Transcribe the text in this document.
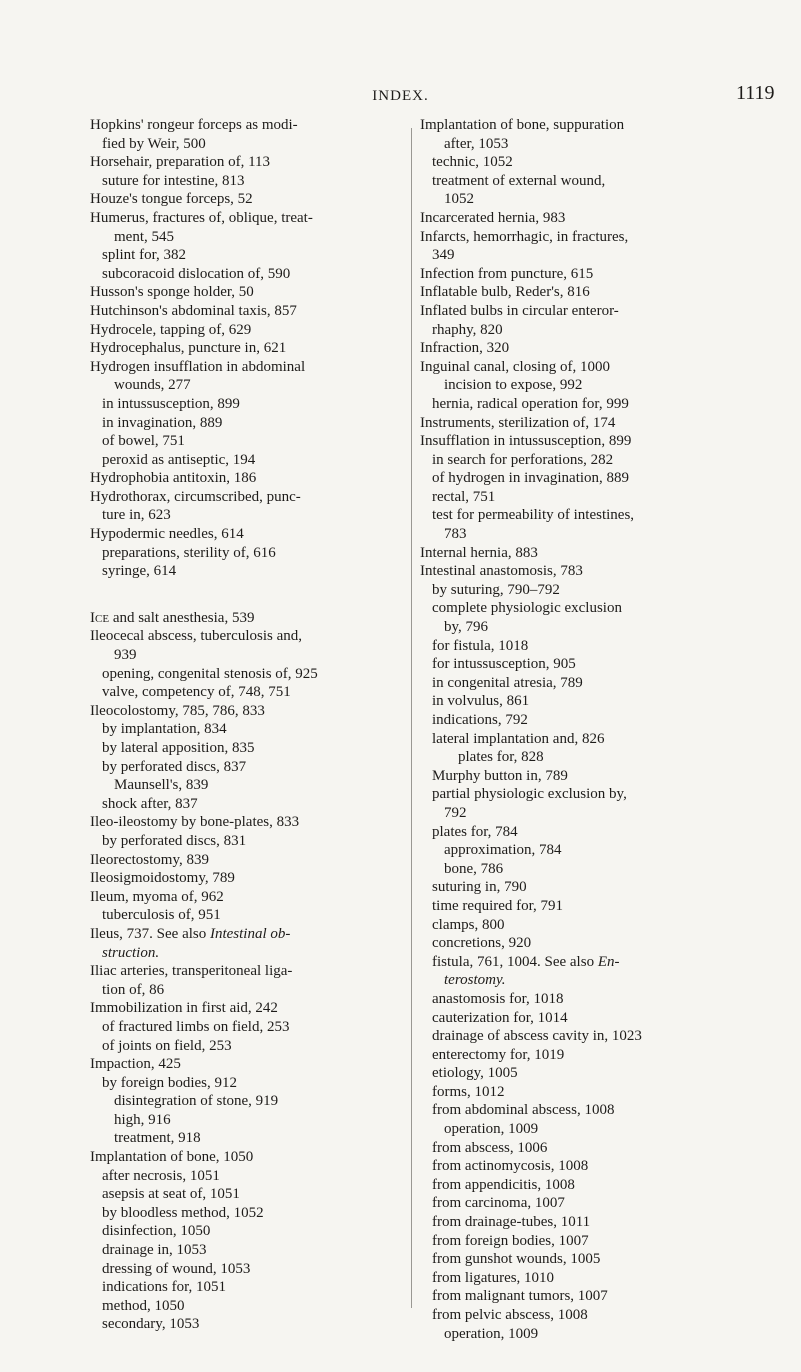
INDEX.	1119
Hopkins' rongeur forceps as modi-
fied by Weir, 500
Horsehair, preparation of, 113
suture for intestine, 813
Houze's tongue forceps, 52
Humerus, fractures of, oblique, treat-
ment, 545
splint for, 382
subcoracoid dislocation of, 590
Husson's sponge holder, 50
Hutchinson's abdominal taxis, 857
Hydrocele, tapping of, 629
Hydrocephalus, puncture in, 621
Hydrogen insufflation in abdominal
wounds, 277
in intussusception, 899
in invagination, 889
of bowel, 751
peroxid as antiseptic, 194
Hydrophobia antitoxin, 186
Hydrothorax, circumscribed, punc-
ture in, 623
Hypodermic needles, 614
preparations, sterility of, 616
syringe, 614
Ice and salt anesthesia, 539
Ileocecal abscess, tuberculosis and,
939
opening, congenital stenosis of, 925
valve, competency of, 748, 751
Ileocolostomy, 785, 786, 833
by implantation, 834
by lateral apposition, 835
by perforated discs, 837
Maunsell's, 839
shock after, 837
Ileo-ileostomy by bone-plates, 833
by perforated discs, 831
Ileorectostomy, 839
Ileosigmoidostomy, 789
Ileum, myoma of, 962
tuberculosis of, 951
Ileus, 737. See also Intestinal ob-
struction.
Iliac arteries, transperitoneal liga-
tion of, 86
Immobilization in first aid, 242
of fractured limbs on field, 253
of joints on field, 253
Impaction, 425
by foreign bodies, 912
disintegration of stone, 919
high, 916
treatment, 918
Implantation of bone, 1050
after necrosis, 1051
asepsis at seat of, 1051
by bloodless method, 1052
disinfection, 1050
drainage in, 1053
dressing of wound, 1053
indications for, 1051
method, 1050
secondary, 1053
Implantation of bone, suppuration
after, 1053
technic, 1052
treatment of external wound,
1052
Incarcerated hernia, 983
Infarcts, hemorrhagic, in fractures,
349
Infection from puncture, 615
Inflatable bulb, Reder's, 816
Inflated bulbs in circular enteror-
rhaphy, 820
Infraction, 320
Inguinal canal, closing of, 1000
incision to expose, 992
hernia, radical operation for, 999
Instruments, sterilization of, 174
Insufflation in intussusception, 899
in search for perforations, 282
of hydrogen in invagination, 889
rectal, 751
test for permeability of intestines,
783
Internal hernia, 883
Intestinal anastomosis, 783
by suturing, 790–792
complete physiologic exclusion
by, 796
for fistula, 1018
for intussusception, 905
in congenital atresia, 789
in volvulus, 861
indications, 792
lateral implantation and, 826
plates for, 828
Murphy button in, 789
partial physiologic exclusion by,
792
plates for, 784
approximation, 784
bone, 786
suturing in, 790
time required for, 791
clamps, 800
concretions, 920
fistula, 761, 1004. See also En-
terostomy.
anastomosis for, 1018
cauterization for, 1014
drainage of abscess cavity in, 1023
enterectomy for, 1019
etiology, 1005
forms, 1012
from abdominal abscess, 1008
operation, 1009
from abscess, 1006
from actinomycosis, 1008
from appendicitis, 1008
from carcinoma, 1007
from drainage-tubes, 1011
from foreign bodies, 1007
from gunshot wounds, 1005
from ligatures, 1010
from malignant tumors, 1007
from pelvic abscess, 1008
operation, 1009
